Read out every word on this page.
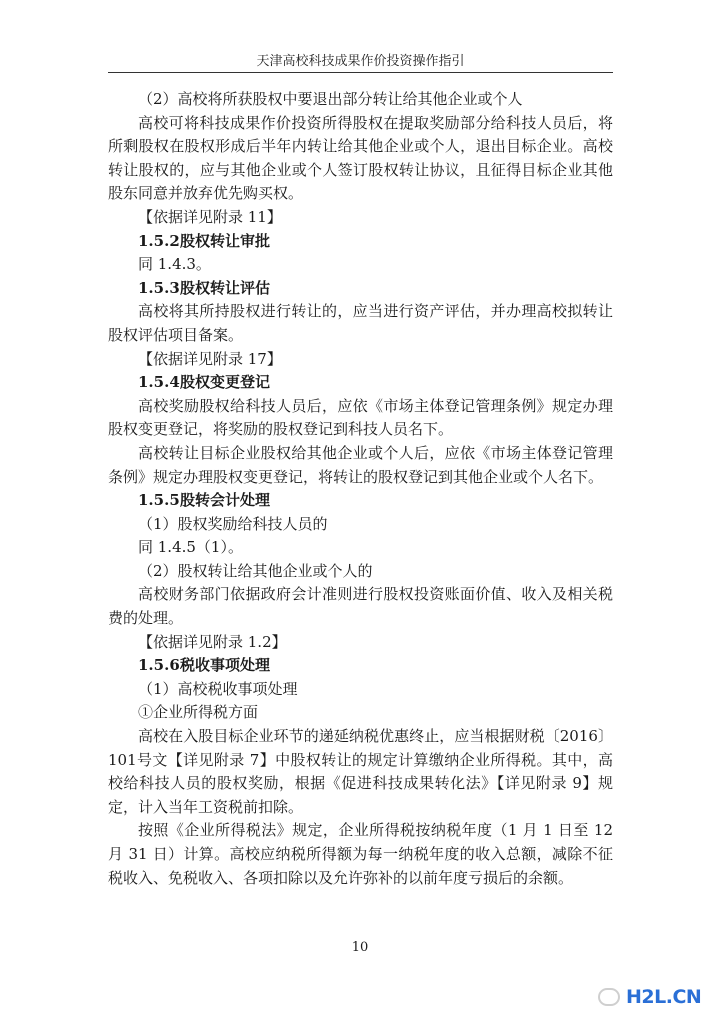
天津高校科技成果作价投资操作指引

（2）高校将所获股权中要退出部分转让给其他企业或个人

高校可将科技成果作价投资所得股权在提取奖励部分给科技人员后，将所剩股权在股权形成后半年内转让给其他企业或个人，退出目标企业。高校转让股权的，应与其他企业或个人签订股权转让协议，且征得目标企业其他股东同意并放弃优先购买权。

【依据详见附录 11】

1.5.2股权转让审批

同 1.4.3。

1.5.3股权转让评估

高校将其所持股权进行转让的，应当进行资产评估，并办理高校拟转让股权评估项目备案。

【依据详见附录 17】

1.5.4股权变更登记

高校奖励股权给科技人员后，应依《市场主体登记管理条例》规定办理股权变更登记，将奖励的股权登记到科技人员名下。

高校转让目标企业股权给其他企业或个人后，应依《市场主体登记管理条例》规定办理股权变更登记，将转让的股权登记到其他企业或个人名下。

1.5.5股转会计处理

（1）股权奖励给科技人员的

同 1.4.5（1）。

（2）股权转让给其他企业或个人的

高校财务部门依据政府会计准则进行股权投资账面价值、收入及相关税费的处理。

【依据详见附录 1.2】

1.5.6税收事项处理

（1）高校税收事项处理

①企业所得税方面

高校在入股目标企业环节的递延纳税优惠终止，应当根据财税〔2016〕101号文【详见附录 7】中股权转让的规定计算缴纳企业所得税。其中，高校给科技人员的股权奖励，根据《促进科技成果转化法》【详见附录 9】规定，计入当年工资税前扣除。

按照《企业所得税法》规定，企业所得税按纳税年度（1 月 1 日至 12 月 31 日）计算。高校应纳税所得额为每一纳税年度的收入总额，减除不征税收入、免税收入、各项扣除以及允许弥补的以前年度亏损后的余额。

10
H2L.CN
